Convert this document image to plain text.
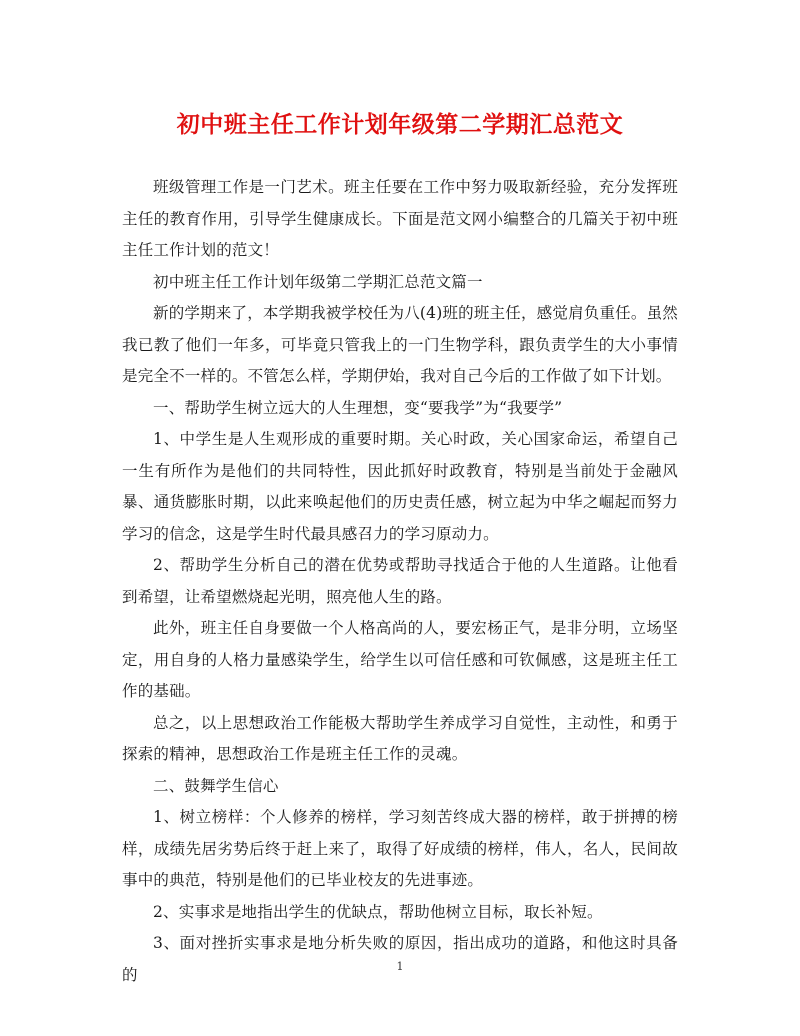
初中班主任工作计划年级第二学期汇总范文

班级管理工作是一门艺术。班主任要在工作中努力吸取新经验，充分发挥班主任的教育作用，引导学生健康成长。下面是范文网小编整合的几篇关于初中班主任工作计划的范文！

初中班主任工作计划年级第二学期汇总范文篇一

新的学期来了，本学期我被学校任为八(4)班的班主任，感觉肩负重任。虽然我已教了他们一年多，可毕竟只管我上的一门生物学科，跟负责学生的大小事情是完全不一样的。不管怎么样，学期伊始，我对自己今后的工作做了如下计划。

一、帮助学生树立远大的人生理想，变“要我学”为“我要学”

1、中学生是人生观形成的重要时期。关心时政，关心国家命运，希望自己一生有所作为是他们的共同特性，因此抓好时政教育，特别是当前处于金融风暴、通货膨胀时期，以此来唤起他们的历史责任感，树立起为中华之崛起而努力学习的信念，这是学生时代最具感召力的学习原动力。

2、帮助学生分析自己的潜在优势或帮助寻找适合于他的人生道路。让他看到希望，让希望燃烧起光明，照亮他人生的路。

此外，班主任自身要做一个人格高尚的人，要宏杨正气，是非分明，立场坚定，用自身的人格力量感染学生，给学生以可信任感和可钦佩感，这是班主任工作的基础。

总之，以上思想政治工作能极大帮助学生养成学习自觉性，主动性，和勇于探索的精神，思想政治工作是班主任工作的灵魂。

二、鼓舞学生信心

1、树立榜样：个人修养的榜样，学习刻苦终成大器的榜样，敢于拼搏的榜样，成绩先居劣势后终于赶上来了，取得了好成绩的榜样，伟人，名人，民间故事中的典范，特别是他们的已毕业校友的先进事迹。

2、实事求是地指出学生的优缺点，帮助他树立目标，取长补短。

3、面对挫折实事求是地分析失败的原因，指出成功的道路，和他这时具备的	1
